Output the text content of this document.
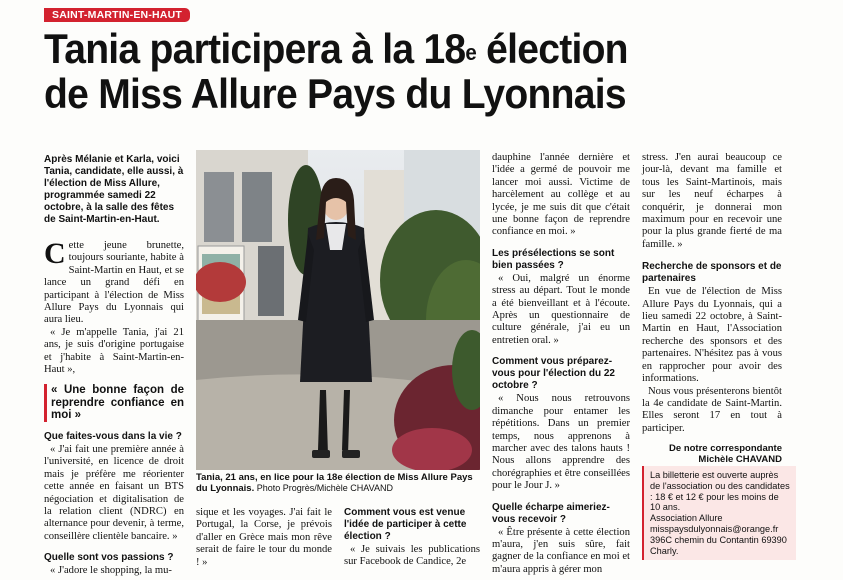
SAINT-MARTIN-EN-HAUT
Tania participera à la 18e élection
de Miss Allure Pays du Lyonnais

Après Mélanie et Karla, voici Tania, candidate, elle aussi, à l'élection de Miss Allure, programmée samedi 22 octobre, à la salle des fêtes de Saint-Martin-en-Haut.

Cette jeune brunette, toujours souriante, habite à Saint-Martin en Haut, et se lance un grand défi en participant à l'élection de Miss Allure Pays du Lyonnais qui aura lieu.

« Je m'appelle Tania, j'ai 21 ans, je suis d'origine portugaise et j'habite à Saint-Martin-en-Haut »,

« Une bonne façon de reprendre confiance en moi »
Que faites-vous dans la vie ?

« J'ai fait une première année à l'université, en licence de droit mais je préfère me réorienter cette année en faisant un BTS négociation et digitalisation de la relation client (NDRC) en alternance pour devenir, à terme, conseillère clientèle bancaire. »

Quelle sont vos passions ?

« J'adore le shopping, la mu-

Tania, 21 ans, en lice pour la 18e élection de Miss Allure Pays du Lyonnais. Photo Progrès/Michèle CHAVAND

sique et les voyages. J'ai fait le Portugal, la Corse, je prévois d'aller en Grèce mais mon rêve serait de faire le tour du monde ! »

Comment vous est venue l'idée de participer à cette élection ?

« Je suivais les publications sur Facebook de Candice, 2e

dauphine l'année dernière et l'idée a germé de pouvoir me lancer moi aussi. Victime de harcèlement au collège et au lycée, je me suis dit que c'était une bonne façon de reprendre confiance en moi. »

Les présélections se sont bien passées ?

« Oui, malgré un énorme stress au départ. Tout le monde a été bienveillant et à l'écoute. Après un questionnaire de culture générale, j'ai eu un entretien oral. »

Comment vous préparez-vous pour l'élection du 22 octobre ?

« Nous nous retrouvons dimanche pour entamer les répétitions. Dans un premier temps, nous apprenons à marcher avec des talons hauts ! Nous allons apprendre des chorégraphies et être conseillées pour le Jour J. »

Quelle écharpe aimeriez-vous recevoir ?

« Être présente à cette élection m'aura, j'en suis sûre, fait gagner de la confiance en moi et m'aura appris à gérer mon

stress. J'en aurai beaucoup ce jour-là, devant ma famille et tous les Saint-Martinois, mais sur les neuf écharpes à conquérir, je donnerai mon maximum pour en recevoir une pour la plus grande fierté de ma famille. »

Recherche de sponsors et de partenaires

En vue de l'élection de Miss Allure Pays du Lyonnais, qui a lieu samedi 22 octobre, à Saint-Martin en Haut, l'Association recherche des sponsors et des partenaires. N'hésitez pas à vous en rapprocher pour avoir des informations.

Nous vous présenterons bientôt la 4e candidate de Saint-Martin. Elles seront 17 en tout à participer.

De notre correspondante
Michèle CHAVAND
La billetterie est ouverte auprès de l'association ou des candidates : 18 € et 12 € pour les moins de 10 ans.
Association Allure misspaysdulyonnais@orange.fr 396C chemin du Contantin 69390 Charly.
